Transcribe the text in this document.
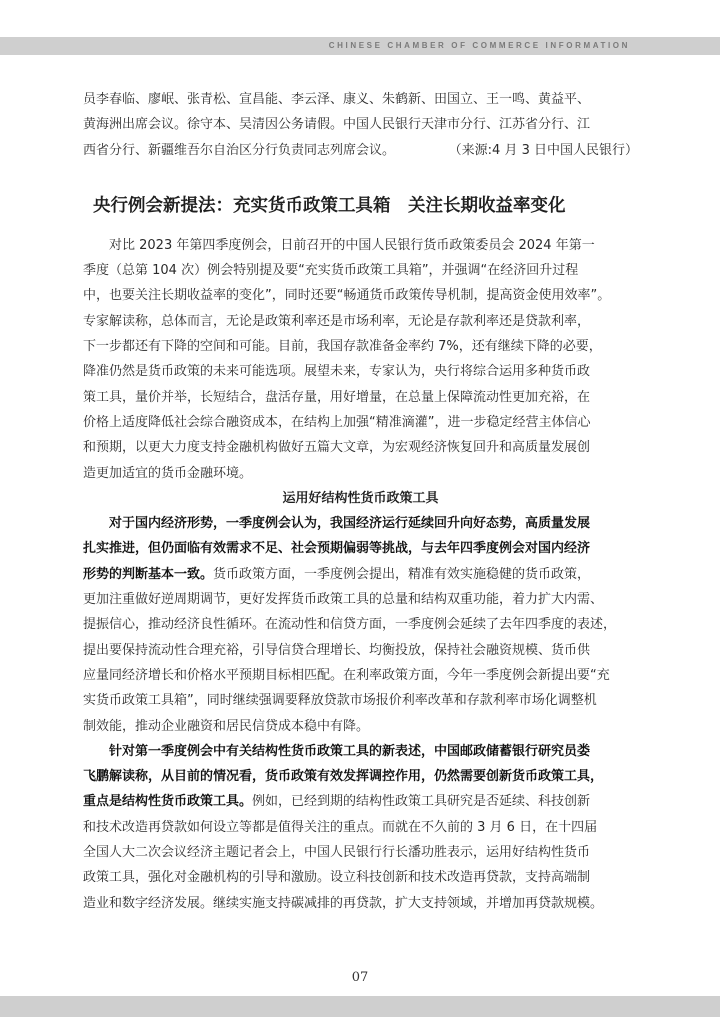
CHINESE CHAMBER OF COMMERCE INFORMATION
员李春临、廖岷、张青松、宣昌能、李云泽、康义、朱鹤新、田国立、王一鸣、黄益平、
黄海洲出席会议。徐守本、吴清因公务请假。中国人民银行天津市分行、江苏省分行、江
西省分行、新疆维吾尔自治区分行负责同志列席会议。	（来源:4 月 3 日中国人民银行）
央行例会新提法：充实货币政策工具箱　关注长期收益率变化
对比 2023 年第四季度例会，日前召开的中国人民银行货币政策委员会 2024 年第一
季度（总第 104 次）例会特别提及要“充实货币政策工具箱”，并强调“在经济回升过程
中，也要关注长期收益率的变化”，同时还要“畅通货币政策传导机制，提高资金使用效率”。
专家解读称，总体而言，无论是政策利率还是市场利率，无论是存款利率还是贷款利率，
下一步都还有下降的空间和可能。目前，我国存款准备金率约 7%，还有继续下降的必要，
降准仍然是货币政策的未来可能选项。展望未来，专家认为，央行将综合运用多种货币政
策工具，量价并举，长短结合，盘活存量，用好增量，在总量上保障流动性更加充裕，在
价格上适度降低社会综合融资成本，在结构上加强“精准滴灌”，进一步稳定经营主体信心
和预期，以更大力度支持金融机构做好五篇大文章，为宏观经济恢复回升和高质量发展创
造更加适宜的货币金融环境。
运用好结构性货币政策工具
对于国内经济形势，一季度例会认为，我国经济运行延续回升向好态势，高质量发展
扎实推进，但仍面临有效需求不足、社会预期偏弱等挑战，与去年四季度例会对国内经济
形势的判断基本一致。货币政策方面，一季度例会提出，精准有效实施稳健的货币政策，
更加注重做好逆周期调节，更好发挥货币政策工具的总量和结构双重功能，着力扩大内需、
提振信心，推动经济良性循环。在流动性和信贷方面，一季度例会延续了去年四季度的表述，
提出要保持流动性合理充裕，引导信贷合理增长、均衡投放，保持社会融资规模、货币供
应量同经济增长和价格水平预期目标相匹配。在利率政策方面，今年一季度例会新提出要“充
实货币政策工具箱”，同时继续强调要释放贷款市场报价利率改革和存款利率市场化调整机
制效能，推动企业融资和居民信贷成本稳中有降。
针对第一季度例会中有关结构性货币政策工具的新表述，中国邮政储蓄银行研究员娄
飞鹏解读称，从目前的情况看，货币政策有效发挥调控作用，仍然需要创新货币政策工具，
重点是结构性货币政策工具。例如，已经到期的结构性政策工具研究是否延续、科技创新
和技术改造再贷款如何设立等都是值得关注的重点。而就在不久前的 3 月 6 日，在十四届
全国人大二次会议经济主题记者会上，中国人民银行行长潘功胜表示，运用好结构性货币
政策工具，强化对金融机构的引导和激励。设立科技创新和技术改造再贷款，支持高端制
造业和数字经济发展。继续实施支持碳减排的再贷款，扩大支持领域，并增加再贷款规模。
07
